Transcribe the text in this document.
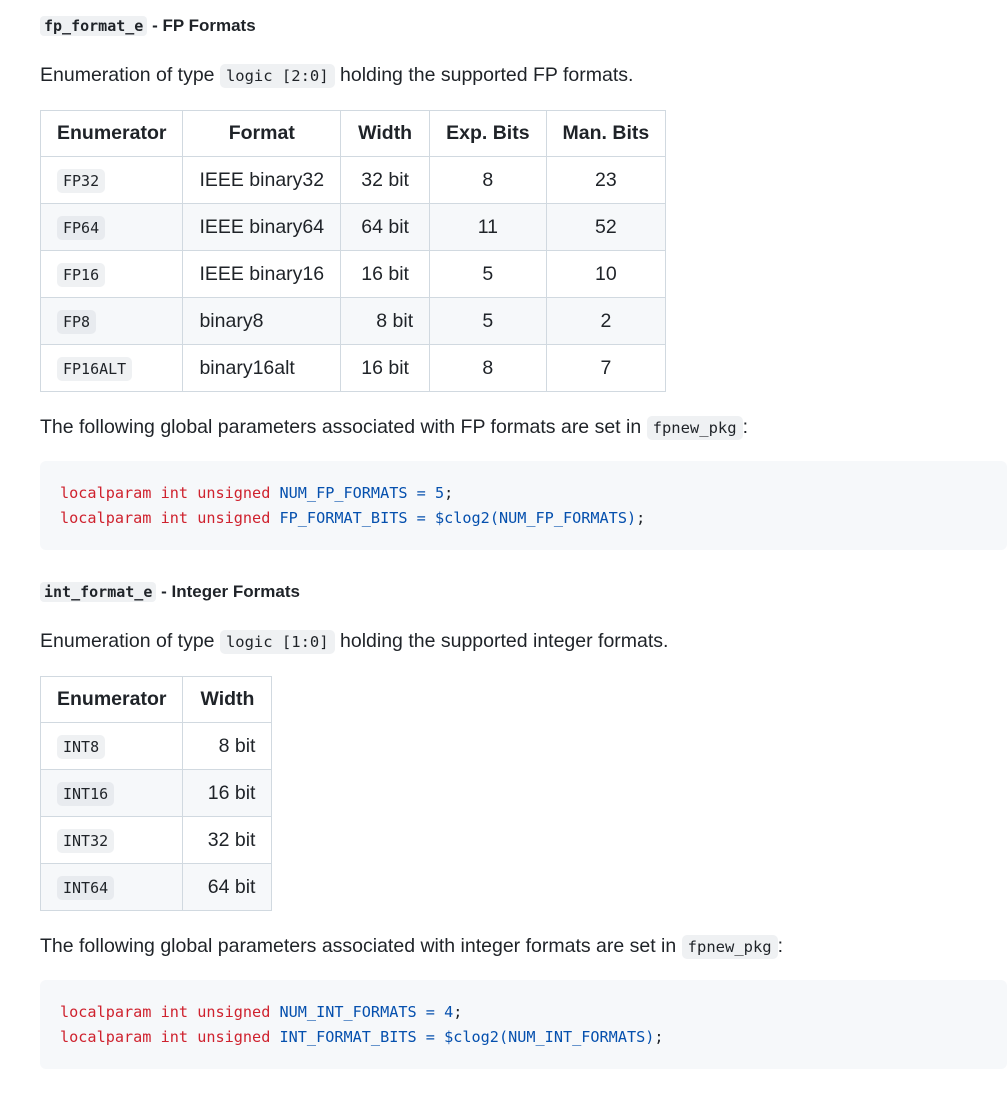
fp_format_e - FP Formats

Enumeration of type logic [2:0] holding the supported FP formats.

Enumerator	Format	Width	Exp. Bits	Man. Bits
FP32	IEEE binary32	32 bit	8	23
FP64	IEEE binary64	64 bit	11	52
FP16	IEEE binary16	16 bit	5	10
FP8	binary8	8 bit	5	2
FP16ALT	binary16alt	16 bit	8	7

The following global parameters associated with FP formats are set in fpnew_pkg :

localparam int unsigned NUM_FP_FORMATS = 5;
localparam int unsigned FP_FORMAT_BITS = $clog2(NUM_FP_FORMATS);
int_format_e - Integer Formats

Enumeration of type logic [1:0] holding the supported integer formats.

Enumerator	Width
INT8	8 bit
INT16	16 bit
INT32	32 bit
INT64	64 bit

The following global parameters associated with integer formats are set in fpnew_pkg :

localparam int unsigned NUM_INT_FORMATS = 4;
localparam int unsigned INT_FORMAT_BITS = $clog2(NUM_INT_FORMATS);
